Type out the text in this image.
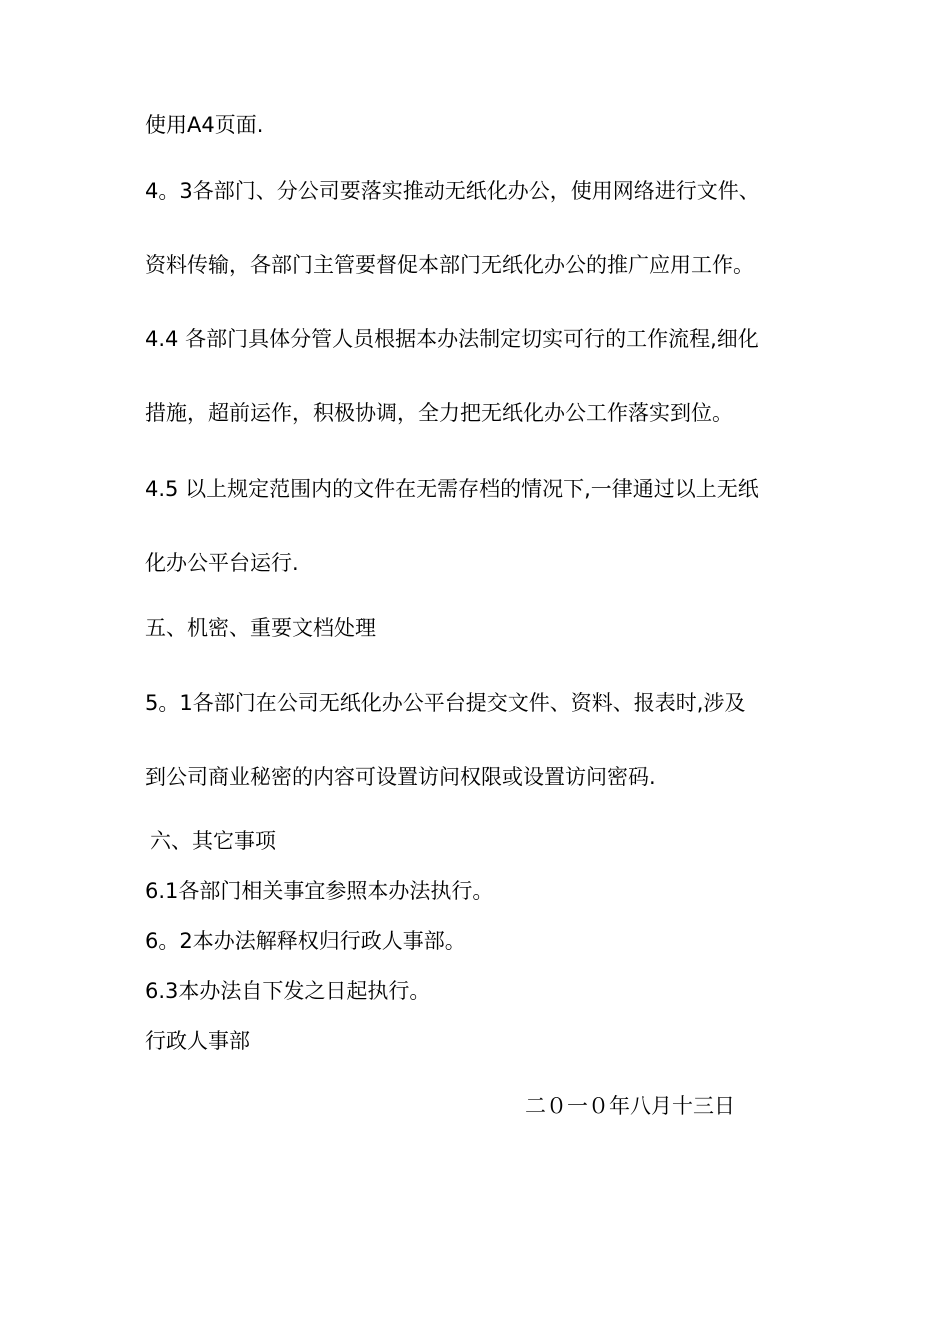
使用A4页面.
4。3各部门、分公司要落实推动无纸化办公，使用网络进行文件、
资料传输，各部门主管要督促本部门无纸化办公的推广应用工作。
4.4 各部门具体分管人员根据本办法制定切实可行的工作流程,细化
措施，超前运作，积极协调，全力把无纸化办公工作落实到位。
4.5 以上规定范围内的文件在无需存档的情况下,一律通过以上无纸
化办公平台运行.
五、机密、重要文档处理
5。1各部门在公司无纸化办公平台提交文件、资料、报表时,涉及
到公司商业秘密的内容可设置访问权限或设置访问密码.
六、其它事项
6.1各部门相关事宜参照本办法执行。
6。2本办法解释权归行政人事部。
6.3本办法自下发之日起执行。
行政人事部
二０一０年八月十三日
